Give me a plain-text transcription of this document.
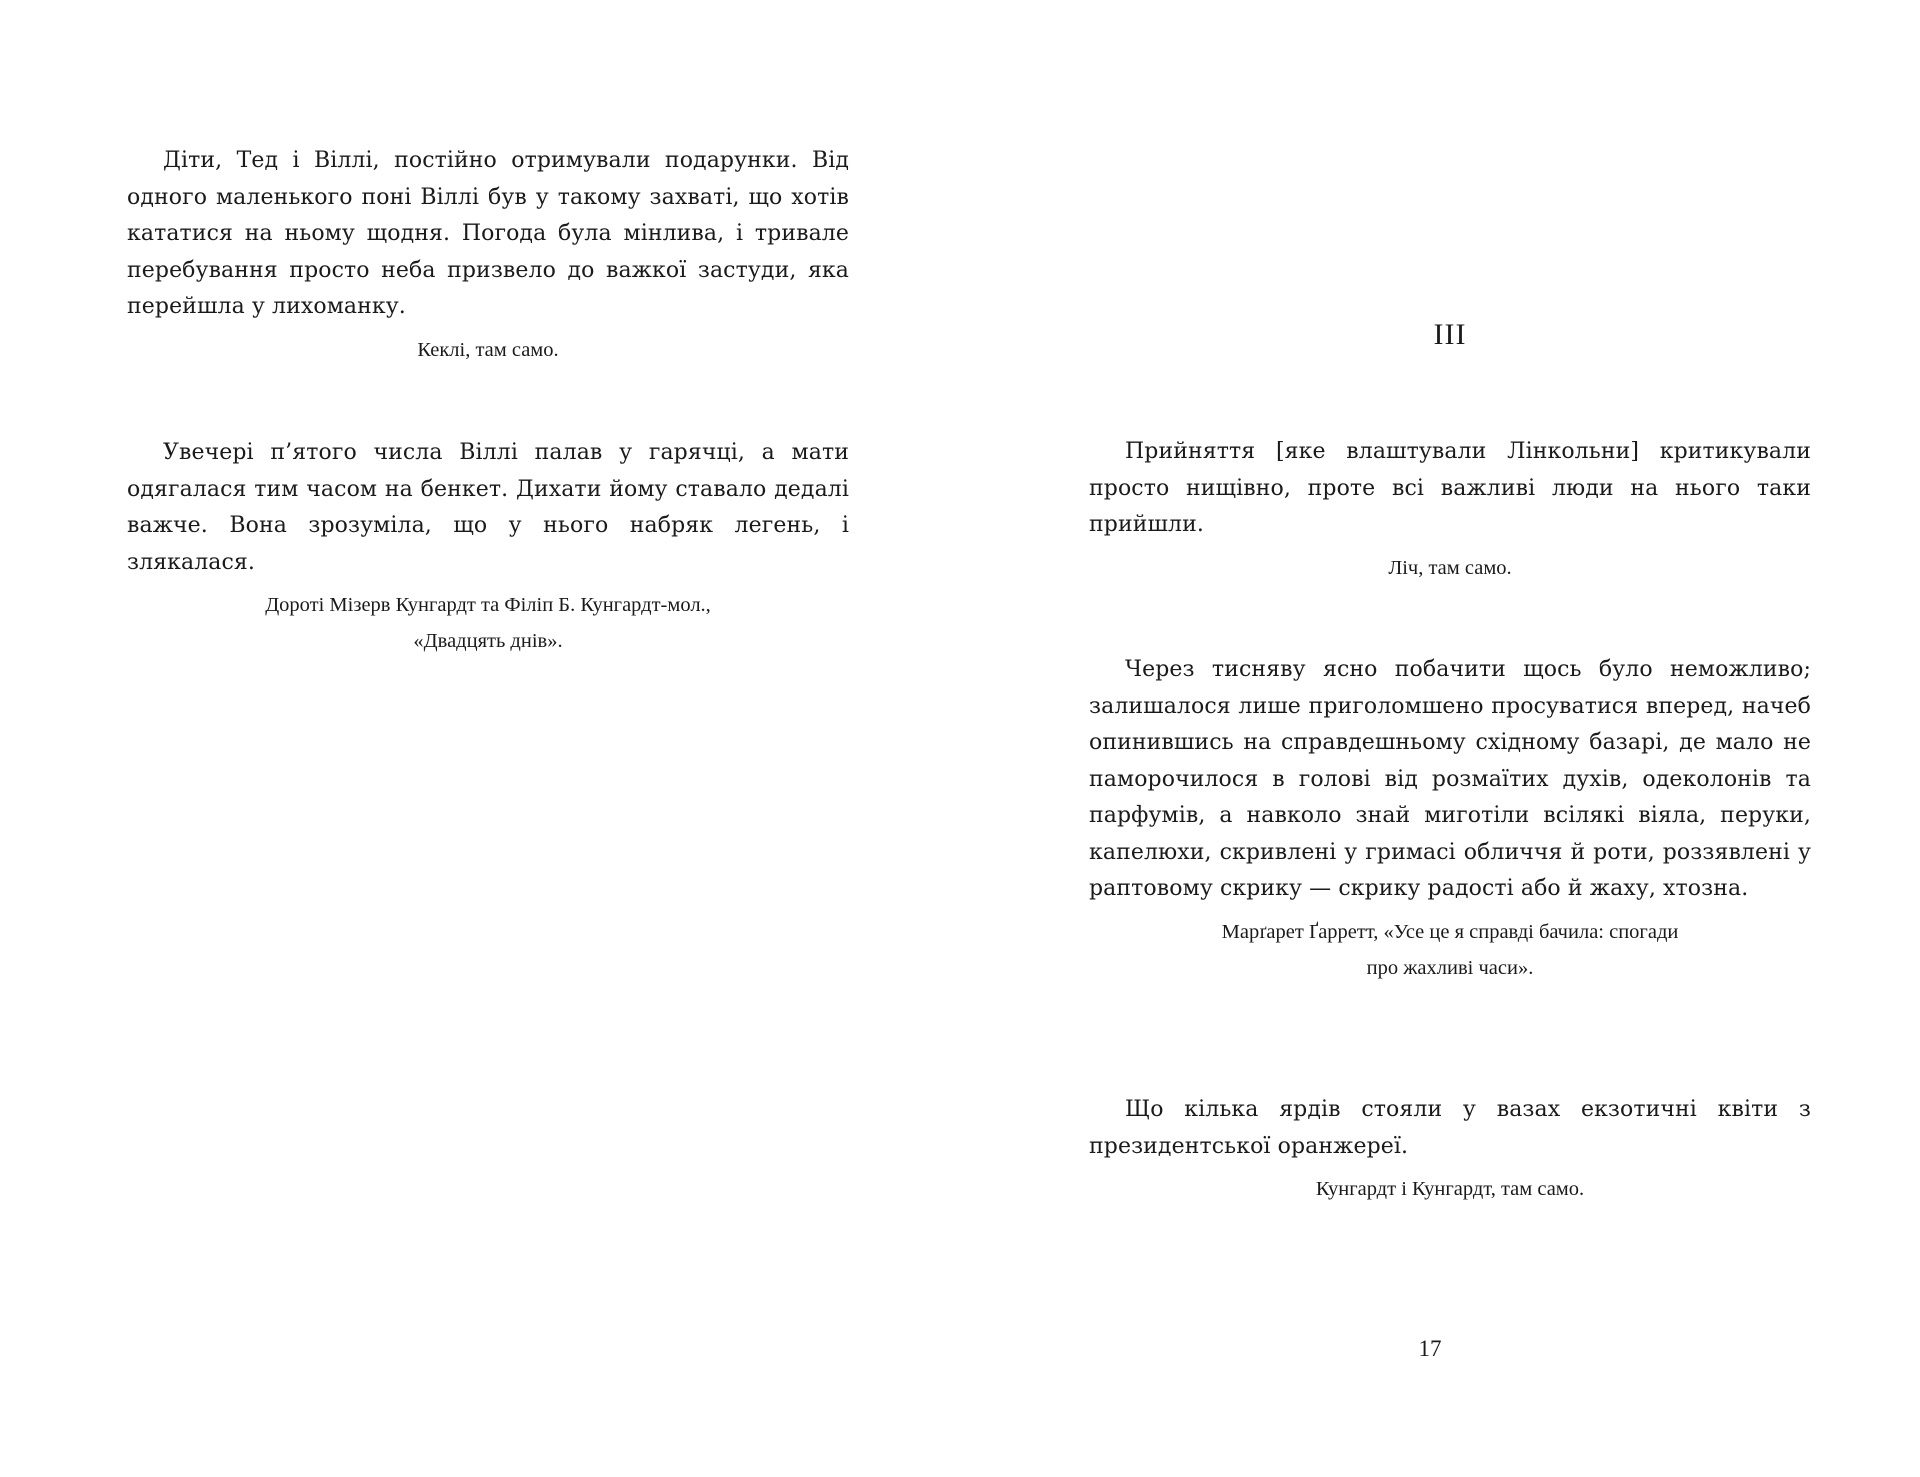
Діти, Тед і Віллі, постійно отримували подарунки. Від одного маленького поні Віллі був у такому захваті, що хотів кататися на ньому щодня. Погода була мінлива, і тривале перебування просто неба призвело до важкої застуди, яка перейшла у лихоманку.

Кеклі, там само.

Увечері п’ятого числа Віллі палав у гарячці, а мати одягалася тим часом на бенкет. Дихати йому ставало дедалі важче. Вона зрозуміла, що у нього набряк легень, і злякалася.

Дороті Мізерв Кунгардт та Філіп Б. Кунгардт-мол.,

«Двадцять днів».

III

Прийняття [яке влаштували Лінкольни] критикували просто нищівно, проте всі важливі люди на нього таки прийшли.

Ліч, там само.

Через тисняву ясно побачити щось було неможливо; залишалося лише приголомшено просуватися вперед, начеб опинившись на справдешньому східному базарі, де мало не паморочилося в голові від розмаїтих духів, одеколонів та парфумів, а навколо знай миготіли всілякі віяла, перуки, капелюхи, скривлені у гримасі обличчя й роти, роззявлені у раптовому скрику — скрику радості або й жаху, хтозна.

Марґарет Ґарретт, «Усе це я справді бачила: спогади

про жахливі часи».

Що кілька ярдів стояли у вазах екзотичні квіти з президентської оранжереї.

Кунгардт і Кунгардт, там само.

17
